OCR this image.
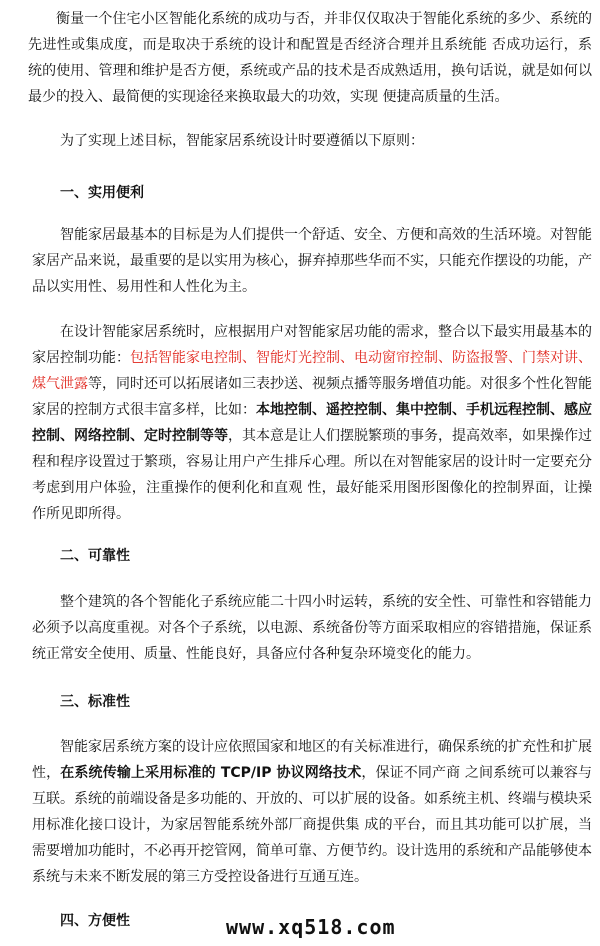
衡量一个住宅小区智能化系统的成功与否，并非仅仅取决于智能化系统的多少、系统的先进性或集成度，而是取决于系统的设计和配置是否经济合理并且系统能 否成功运行，系统的使用、管理和维护是否方便，系统或产品的技术是否成熟适用，换句话说，就是如何以最少的投入、最简便的实现途径来换取最大的功效，实现 便捷高质量的生活。

为了实现上述目标，智能家居系统设计时要遵循以下原则：

一、实用便利

智能家居最基本的目标是为人们提供一个舒适、安全、方便和高效的生活环境。对智能家居产品来说，最重要的是以实用为核心，摒弃掉那些华而不实，只能充作摆设的功能，产品以实用性、易用性和人性化为主。

在设计智能家居系统时，应根据用户对智能家居功能的需求，整合以下最实用最基本的家居控制功能：包括智能家电控制、智能灯光控制、电动窗帘控制、防盗报警、门禁对讲、煤气泄露等，同时还可以拓展诸如三表抄送、视频点播等服务增值功能。对很多个性化智能家居的控制方式很丰富多样，比如：本地控制、遥控控制、集中控制、手机远程控制、感应控制、网络控制、定时控制等等，其本意是让人们摆脱繁琐的事务，提高效率，如果操作过程和程序设置过于繁琐，容易让用户产生排斥心理。所以在对智能家居的设计时一定要充分考虑到用户体验，注重操作的便利化和直观 性，最好能采用图形图像化的控制界面，让操作所见即所得。

二、可靠性

整个建筑的各个智能化子系统应能二十四小时运转，系统的安全性、可靠性和容错能力必须予以高度重视。对各个子系统，以电源、系统备份等方面采取相应的容错措施，保证系统正常安全使用、质量、性能良好，具备应付各种复杂环境变化的能力。

三、标准性

智能家居系统方案的设计应依照国家和地区的有关标准进行，确保系统的扩充性和扩展性，在系统传输上采用标准的 TCP/IP 协议网络技术，保证不同产商 之间系统可以兼容与互联。系统的前端设备是多功能的、开放的、可以扩展的设备。如系统主机、终端与模块采用标准化接口设计，为家居智能系统外部厂商提供集 成的平台，而且其功能可以扩展，当需要增加功能时，不必再开挖管网，简单可靠、方便节约。设计选用的系统和产品能够使本系统与未来不断发展的第三方受控设备进行互通互连。

四、方便性	www.xq518.com
